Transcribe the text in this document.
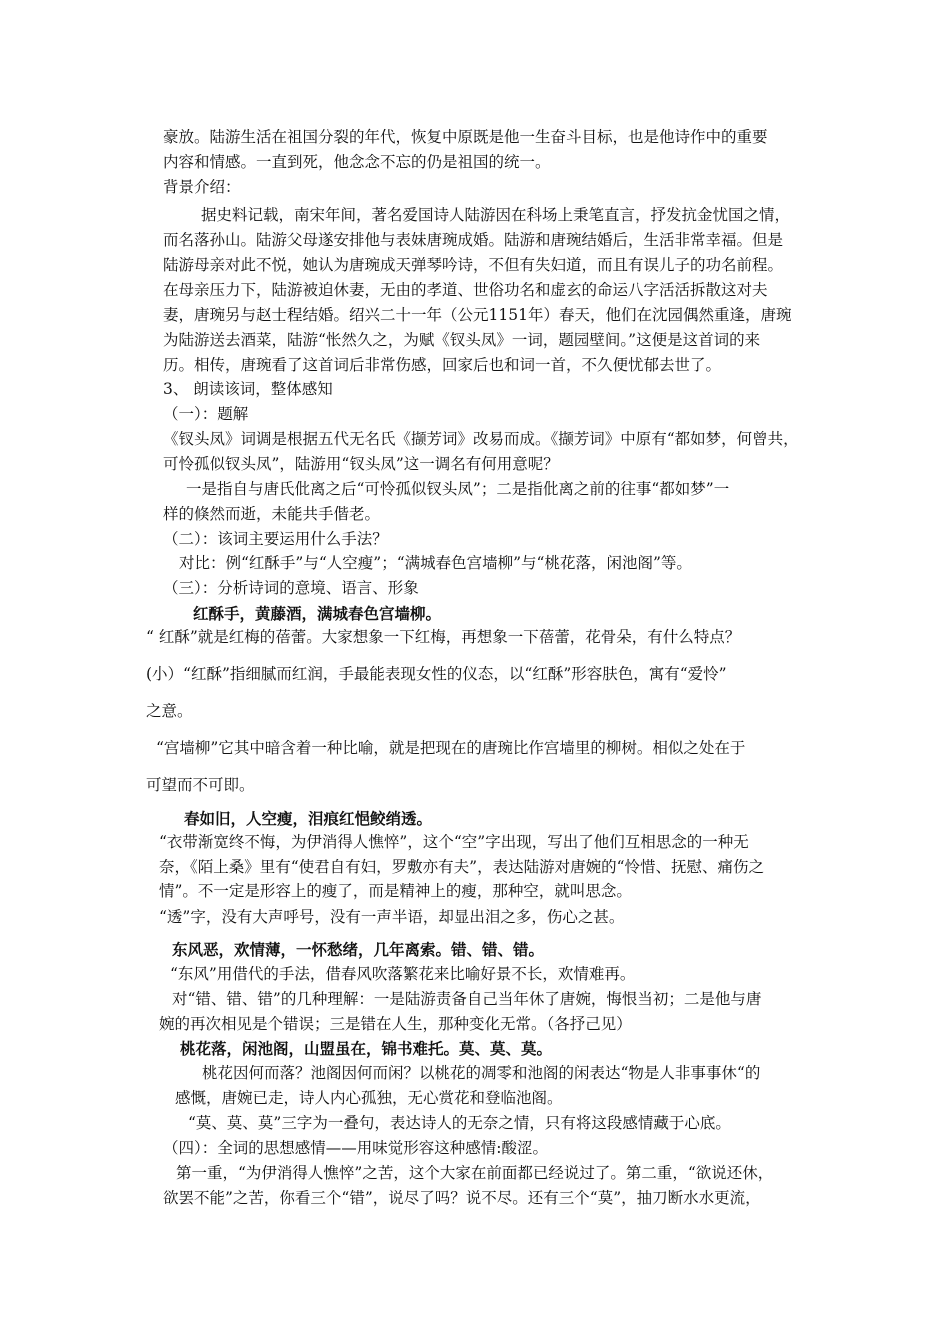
豪放。陆游生活在祖国分裂的年代，恢复中原既是他一生奋斗目标，也是他诗作中的重要
内容和情感。一直到死，他念念不忘的仍是祖国的统一。
背景介绍：
据史料记载，南宋年间，著名爱国诗人陆游因在科场上秉笔直言，抒发抗金忧国之情，
而名落孙山。陆游父母遂安排他与表妹唐琬成婚。陆游和唐琬结婚后，生活非常幸福。但是
陆游母亲对此不悦，她认为唐琬成天弹琴吟诗，不但有失妇道，而且有误儿子的功名前程。
在母亲压力下，陆游被迫休妻，无由的孝道、世俗功名和虚玄的命运八字活活拆散这对夫
妻，唐琬另与赵士程结婚。绍兴二十一年（公元1151年）春天，他们在沈园偶然重逢，唐琬
为陆游送去酒菜，陆游“怅然久之，为赋《钗头凤》一词，题园壁间。”这便是这首词的来
历。相传，唐琬看了这首词后非常伤感，回家后也和词一首，不久便忧郁去世了。
3、 朗读该词，整体感知
（一）：题解
《钗头凤》词调是根据五代无名氏《撷芳词》改易而成。《撷芳词》中原有“都如梦，何曾共，
可怜孤似钗头凤”，陆游用“钗头凤”这一调名有何用意呢？
一是指自与唐氏仳离之后“可怜孤似钗头凤”；二是指仳离之前的往事“都如梦”一
样的倏然而逝，未能共手偕老。
（二）：该词主要运用什么手法？
对比：例“红酥手”与“人空瘦”；“满城春色宫墙柳”与“桃花落，闲池阁”等。
（三）：分析诗词的意境、语言、形象
红酥手，黄藤酒，满城春色宫墙柳。
“ 红酥”就是红梅的蓓蕾。大家想象一下红梅，再想象一下蓓蕾，花骨朵，有什么特点？
(小）“红酥”指细腻而红润，手最能表现女性的仪态，以“红酥”形容肤色，寓有“爱怜”
之意。
“宫墙柳”它其中暗含着一种比喻，就是把现在的唐琬比作宫墙里的柳树。相似之处在于
可望而不可即。
春如旧，人空瘦，泪痕红悒鲛绡透。
“衣带渐宽终不悔，为伊消得人憔悴”，这个“空”字出现，写出了他们互相思念的一种无
奈，《陌上桑》里有“使君自有妇，罗敷亦有夫”，表达陆游对唐婉的“怜惜、抚慰、痛伤之
情”。不一定是形容上的瘦了，而是精神上的瘦，那种空，就叫思念。
“透”字，没有大声呼号，没有一声半语，却显出泪之多，伤心之甚。
东风恶，欢情薄，一怀愁绪，几年离索。错、错、错。
“东风”用借代的手法，借春风吹落繁花来比喻好景不长，欢情难再。
对“错、错、错”的几种理解：一是陆游责备自己当年休了唐婉，悔恨当初；二是他与唐
婉的再次相见是个错误；三是错在人生，那种变化无常。（各抒己见）
桃花落，闲池阁，山盟虽在，锦书难托。莫、莫、莫。
桃花因何而落？池阁因何而闲？以桃花的凋零和池阁的闲表达“物是人非事事休“的
感慨，唐婉已走，诗人内心孤独，无心赏花和登临池阁。
“莫、莫、莫”三字为一叠句，表达诗人的无奈之情，只有将这段感情藏于心底。
（四）：全词的思想感情——用味觉形容这种感情:酸涩。
第一重，“为伊消得人憔悴”之苦，这个大家在前面都已经说过了。第二重，“欲说还休，
欲罢不能”之苦，你看三个“错”，说尽了吗？说不尽。还有三个“莫”，抽刀断水水更流，
